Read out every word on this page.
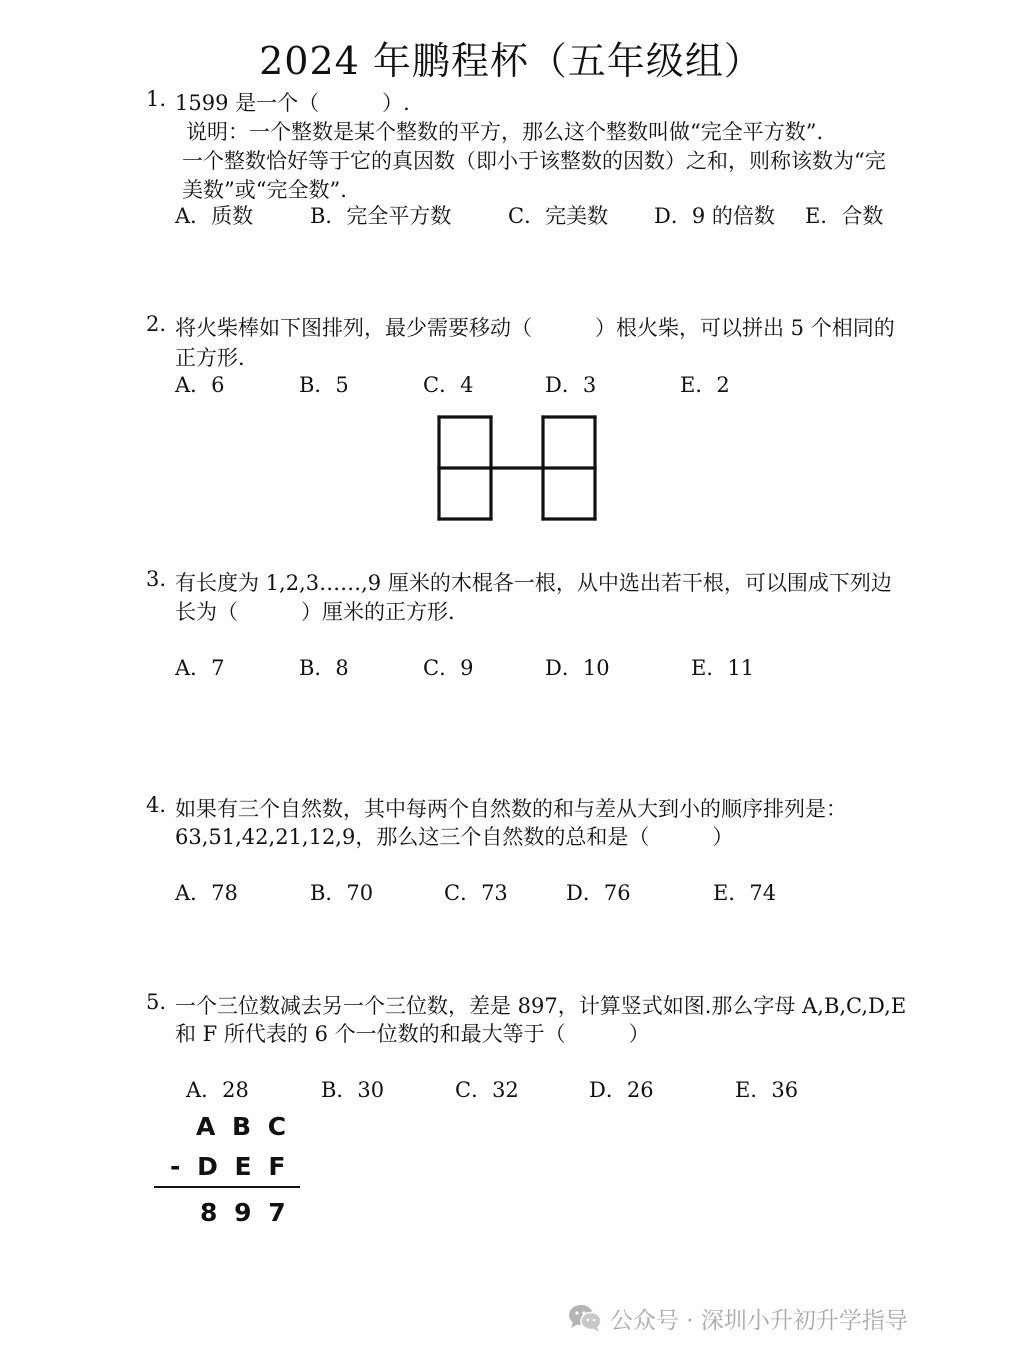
2024 年鹏程杯（五年级组）
1. 1599 是一个（　　　）.
说明：一个整数是某个整数的平方，那么这个整数叫做“完全平方数”.
一个整数恰好等于它的真因数（即小于该整数的因数）之和，则称该数为“完
美数”或“完全数”.
A．质数	B．完全平方数	C．完美数 D．9 的倍数 E．合数
2. 将火柴棒如下图排列，最少需要移动（　　　）根火柴，可以拼出 5 个相同的
正方形.
A．6	B．5	C．4	D．3	E．2
3. 有长度为 1,2,3……,9 厘米的木棍各一根，从中选出若干根，可以围成下列边
长为（　　　）厘米的正方形.
A．7	B．8	C．9	D．10	E．11
4. 如果有三个自然数，其中每两个自然数的和与差从大到小的顺序排列是：
63,51,42,21,12,9，那么这三个自然数的总和是（　　　）
A．78	B．70	C．73	D．76	E．74
5. 一个三位数减去另一个三位数，差是 897，计算竖式如图.那么字母 A,B,C,D,E
和 F 所代表的 6 个一位数的和最大等于（　　　）
A．28	B．30	C．32	D．26	E．36
A B C
- D E F
8 9 7
公众号 · 深圳小升初升学指导
